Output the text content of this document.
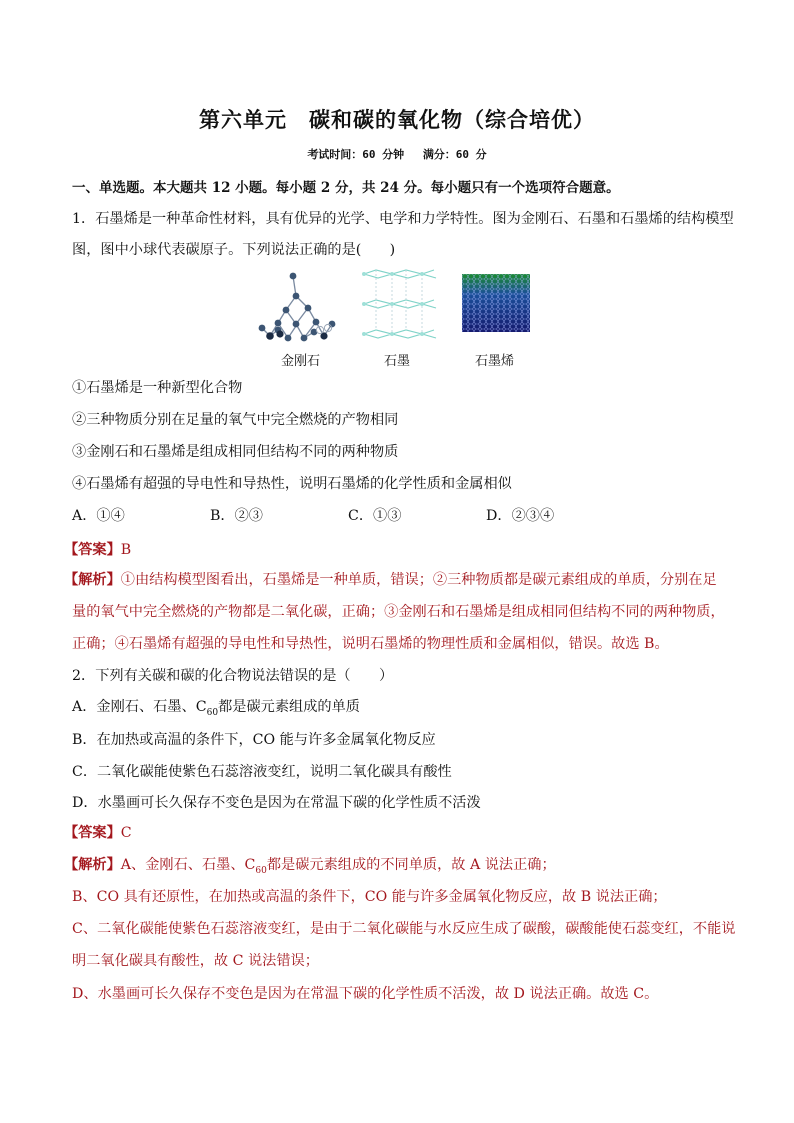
第六单元　碳和碳的氧化物（综合培优）
考试时间：60 分钟 满分：60 分
一、单选题。本大题共 12 小题。每小题 2 分，共 24 分。每小题只有一个选项符合题意。
1．石墨烯是一种革命性材料，具有优异的光学、电学和力学特性。图为金刚石、石墨和石墨烯的结构模型
图，图中小球代表碳原子。下列说法正确的是(　　)
金刚石	石墨	石墨烯
①石墨烯是一种新型化合物
②三种物质分别在足量的氧气中完全燃烧的产物相同
③金刚石和石墨烯是组成相同但结构不同的两种物质
④石墨烯有超强的导电性和导热性，说明石墨烯的化学性质和金属相似
A．①④	B．②③	C．①③	D．②③④
【答案】B
【解析】①由结构模型图看出，石墨烯是一种单质，错误；②三种物质都是碳元素组成的单质，分别在足
量的氧气中完全燃烧的产物都是二氧化碳，正确；③金刚石和石墨烯是组成相同但结构不同的两种物质，
正确；④石墨烯有超强的导电性和导热性，说明石墨烯的物理性质和金属相似，错误。故选 B。
2．下列有关碳和碳的化合物说法错误的是（　　）
A．金刚石、石墨、$C_{60}$都是碳元素组成的单质
B．在加热或高温的条件下，CO 能与许多金属氧化物反应
C．二氧化碳能使紫色石蕊溶液变红，说明二氧化碳具有酸性
D．水墨画可长久保存不变色是因为在常温下碳的化学性质不活泼
【答案】C
【解析】A、金刚石、石墨、$C_{60}$都是碳元素组成的不同单质，故 A 说法正确；
B、CO 具有还原性，在加热或高温的条件下，CO 能与许多金属氧化物反应，故 B 说法正确；
C、二氧化碳能使紫色石蕊溶液变红，是由于二氧化碳能与水反应生成了碳酸，碳酸能使石蕊变红，不能说
明二氧化碳具有酸性，故 C 说法错误；
D、水墨画可长久保存不变色是因为在常温下碳的化学性质不活泼，故 D 说法正确。故选 C。
